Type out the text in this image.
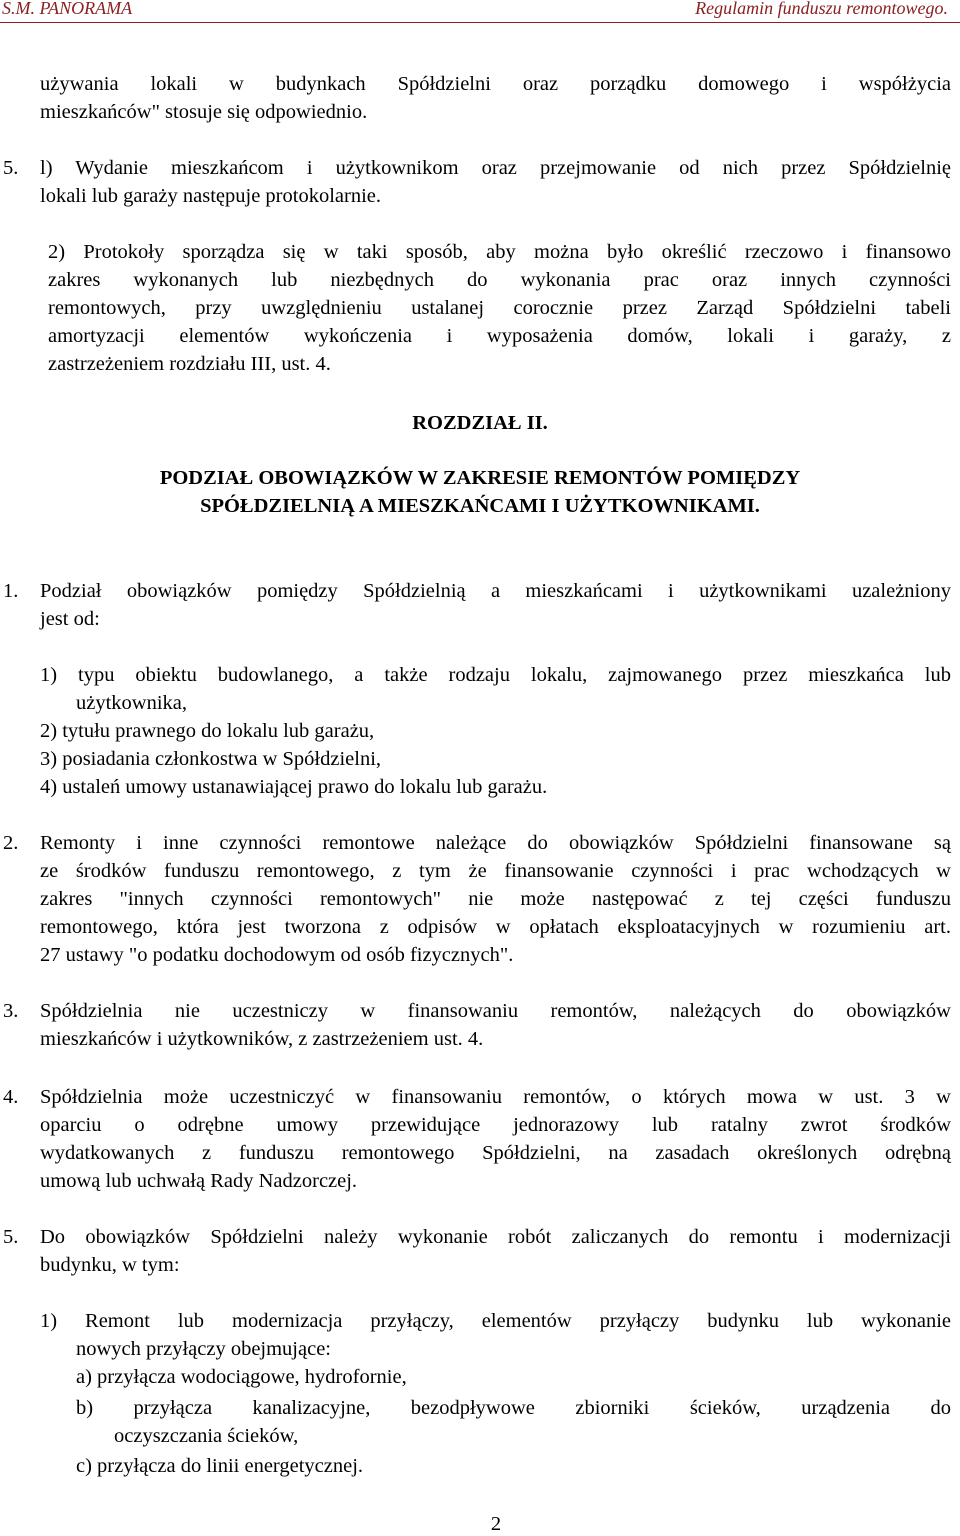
S.M. PANORAMA	Regulamin funduszu remontowego.
używania lokali w budynkach Spółdzielni oraz porządku domowego i współżycia
mieszkańców" stosuje się odpowiednio.
5. l) Wydanie mieszkańcom i użytkownikom oraz przejmowanie od nich przez Spółdzielnię
lokali lub garaży następuje protokolarnie.
2) Protokoły sporządza się w taki sposób, aby można było określić rzeczowo i finansowo
zakres wykonanych lub niezbędnych do wykonania prac oraz innych czynności
remontowych, przy uwzględnieniu ustalanej corocznie przez Zarząd Spółdzielni tabeli
amortyzacji elementów wykończenia i wyposażenia domów, lokali i garaży, z
zastrzeżeniem rozdziału III, ust. 4.
ROZDZIAŁ II.
PODZIAŁ OBOWIĄZKÓW W ZAKRESIE REMONTÓW POMIĘDZY
SPÓŁDZIELNIĄ A MIESZKAŃCAMI I UŻYTKOWNIKAMI.
1. Podział obowiązków pomiędzy Spółdzielnią a mieszkańcami i użytkownikami uzależniony
jest od:
1) typu obiektu budowlanego, a także rodzaju lokalu, zajmowanego przez mieszkańca lub
użytkownika,
2) tytułu prawnego do lokalu lub garażu,
3) posiadania członkostwa w Spółdzielni,
4) ustaleń umowy ustanawiającej prawo do lokalu lub garażu.
2. Remonty i inne czynności remontowe należące do obowiązków Spółdzielni finansowane są
ze środków funduszu remontowego, z tym że finansowanie czynności i prac wchodzących w
zakres "innych czynności remontowych" nie może następować z tej części funduszu
remontowego, która jest tworzona z odpisów w opłatach eksploatacyjnych w rozumieniu art.
27 ustawy "o podatku dochodowym od osób fizycznych".
3. Spółdzielnia nie uczestniczy w finansowaniu remontów, należących do obowiązków
mieszkańców i użytkowników, z zastrzeżeniem ust. 4.
4. Spółdzielnia może uczestniczyć w finansowaniu remontów, o których mowa w ust. 3 w
oparciu o odrębne umowy przewidujące jednorazowy lub ratalny zwrot środków
wydatkowanych z funduszu remontowego Spółdzielni, na zasadach określonych odrębną
umową lub uchwałą Rady Nadzorczej.
5. Do obowiązków Spółdzielni należy wykonanie robót zaliczanych do remontu i modernizacji
budynku, w tym:
1) Remont lub modernizacja przyłączy, elementów przyłączy budynku lub wykonanie
nowych przyłączy obejmujące:
a) przyłącza wodociągowe, hydrofornie,
b) przyłącza kanalizacyjne, bezodpływowe zbiorniki ścieków, urządzenia do
oczyszczania ścieków,
c) przyłącza do linii energetycznej.
2
